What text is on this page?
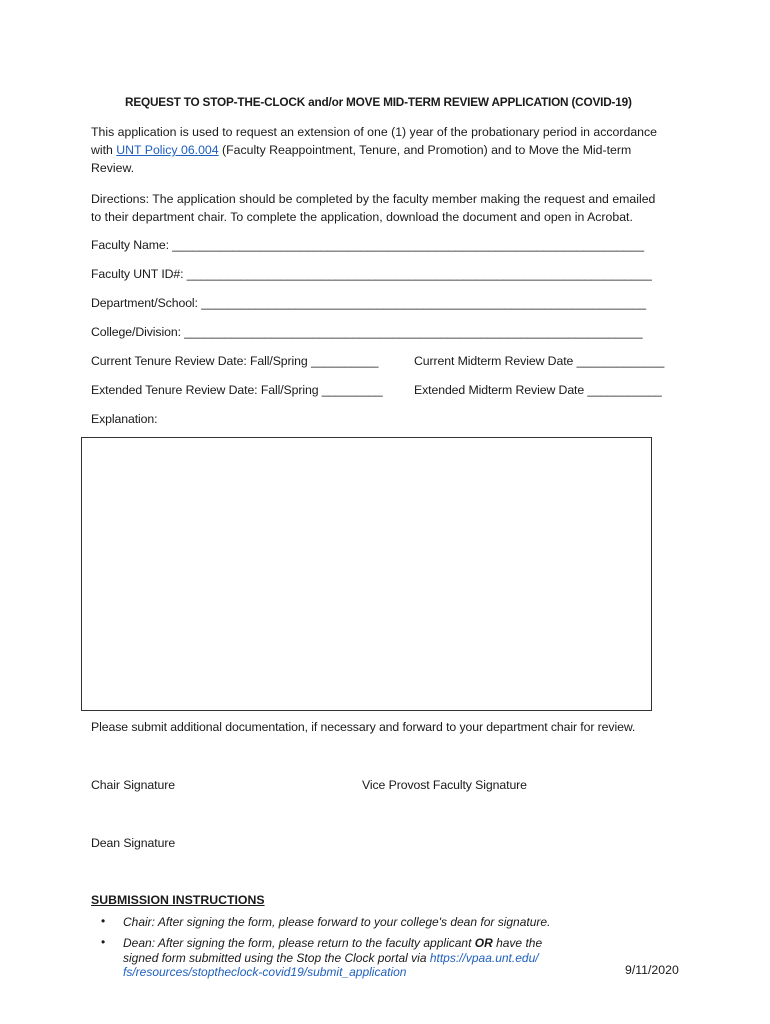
REQUEST TO STOP-THE-CLOCK and/or MOVE MID-TERM REVIEW APPLICATION (COVID-19)
This application is used to request an extension of one (1) year of the probationary period in accordance
with UNT Policy 06.004 (Faculty Reappointment, Tenure, and Promotion) and to Move the Mid-term
Review.
Directions: The application should be completed by the faculty member making the request and emailed
to their department chair. To complete the application, download the document and open in Acrobat.
Faculty Name: ______________________________________________________________________
Faculty UNT ID#: _____________________________________________________________________
Department/School: __________________________________________________________________
College/Division: ____________________________________________________________________
Current Tenure Review Date: Fall/Spring __________	Current Midterm Review Date _____________
Extended Tenure Review Date: Fall/Spring _________	Extended Midterm Review Date ___________
Explanation:
Please submit additional documentation, if necessary and forward to your department chair for review.
Chair Signature	Vice Provost Faculty Signature
Dean Signature
SUBMISSION INSTRUCTIONS
• Chair: After signing the form, please forward to your college's dean for signature.
• Dean: After signing the form, please return to the faculty applicant OR have the
signed form submitted using the Stop the Clock portal via https://vpaa.unt.edu/
fs/resources/stoptheclock-covid19/submit_application	9/11/2020
